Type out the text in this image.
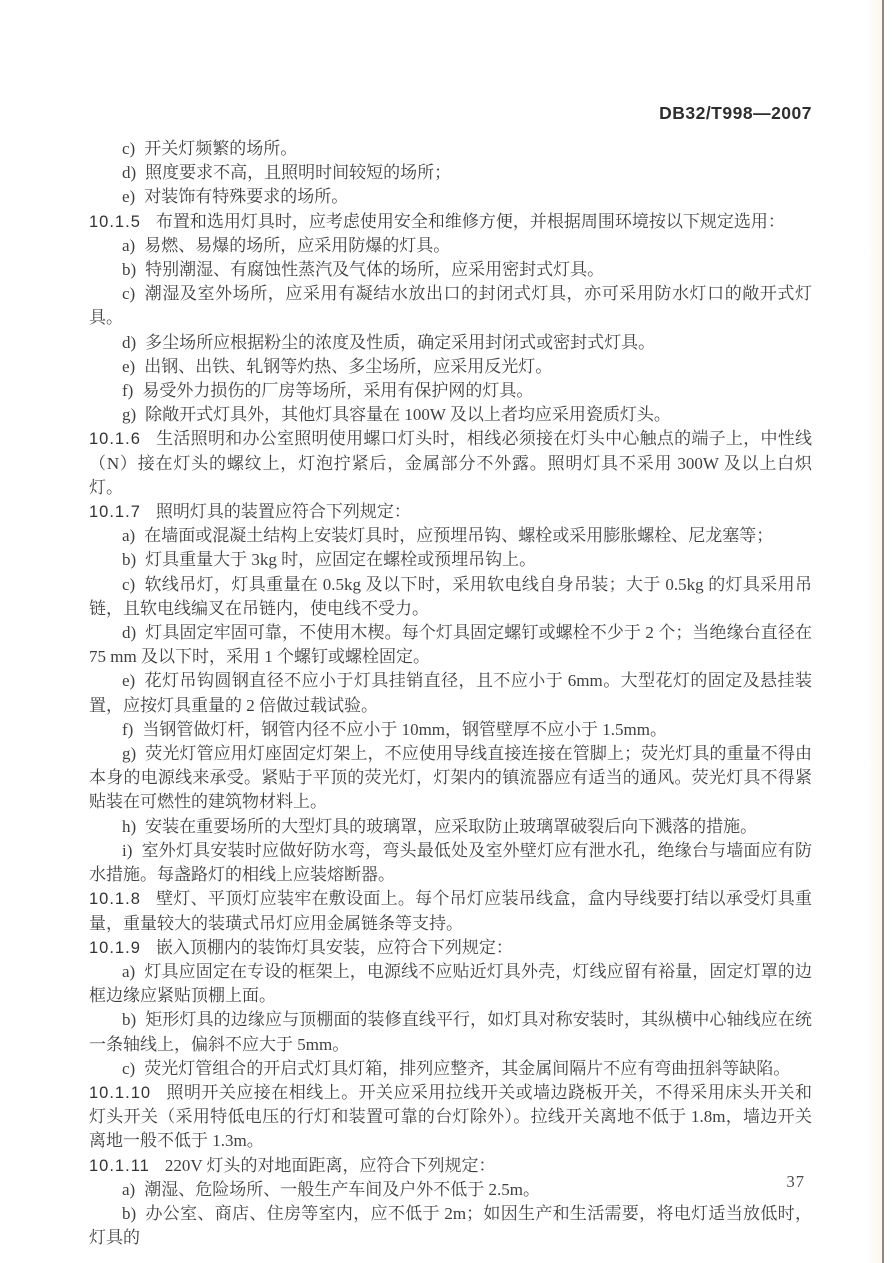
DB32/T998—2007

c) 开关灯频繁的场所。

d) 照度要求不高，且照明时间较短的场所；

e) 对装饰有特殊要求的场所。

10.1.5 布置和选用灯具时，应考虑使用安全和维修方便，并根据周围环境按以下规定选用：

a) 易燃、易爆的场所，应采用防爆的灯具。

b) 特别潮湿、有腐蚀性蒸汽及气体的场所，应采用密封式灯具。

c) 潮湿及室外场所，应采用有凝结水放出口的封闭式灯具，亦可采用防水灯口的敞开式灯具。

d) 多尘场所应根据粉尘的浓度及性质，确定采用封闭式或密封式灯具。

e) 出钢、出铁、轧钢等灼热、多尘场所，应采用反光灯。

f) 易受外力损伤的厂房等场所，采用有保护网的灯具。

g) 除敞开式灯具外，其他灯具容量在 100W 及以上者均应采用瓷质灯头。

10.1.6 生活照明和办公室照明使用螺口灯头时，相线必须接在灯头中心触点的端子上，中性线（N）接在灯头的螺纹上，灯泡拧紧后，金属部分不外露。照明灯具不采用 300W 及以上白炽灯。

10.1.7 照明灯具的装置应符合下列规定：

a) 在墙面或混凝土结构上安装灯具时，应预埋吊钩、螺栓或采用膨胀螺栓、尼龙塞等；

b) 灯具重量大于 3kg 时，应固定在螺栓或预埋吊钩上。

c) 软线吊灯，灯具重量在 0.5kg 及以下时，采用软电线自身吊装；大于 0.5kg 的灯具采用吊链，且软电线编叉在吊链内，使电线不受力。

d) 灯具固定牢固可靠，不使用木楔。每个灯具固定螺钉或螺栓不少于 2 个；当绝缘台直径在 75 mm 及以下时，采用 1 个螺钉或螺栓固定。

e) 花灯吊钩圆钢直径不应小于灯具挂销直径，且不应小于 6mm。大型花灯的固定及悬挂装置，应按灯具重量的 2 倍做过载试验。

f) 当钢管做灯杆，钢管内径不应小于 10mm，钢管壁厚不应小于 1.5mm。

g) 荧光灯管应用灯座固定灯架上，不应使用导线直接连接在管脚上；荧光灯具的重量不得由本身的电源线来承受。紧贴于平顶的荧光灯，灯架内的镇流器应有适当的通风。荧光灯具不得紧贴装在可燃性的建筑物材料上。

h) 安装在重要场所的大型灯具的玻璃罩，应采取防止玻璃罩破裂后向下溅落的措施。

i) 室外灯具安装时应做好防水弯，弯头最低处及室外壁灯应有泄水孔，绝缘台与墙面应有防水措施。每盏路灯的相线上应装熔断器。

10.1.8 壁灯、平顶灯应装牢在敷设面上。每个吊灯应装吊线盒，盒内导线要打结以承受灯具重量，重量较大的装璜式吊灯应用金属链条等支持。

10.1.9 嵌入顶棚内的装饰灯具安装，应符合下列规定：

a) 灯具应固定在专设的框架上，电源线不应贴近灯具外壳，灯线应留有裕量，固定灯罩的边框边缘应紧贴顶棚上面。

b) 矩形灯具的边缘应与顶棚面的装修直线平行，如灯具对称安装时，其纵横中心轴线应在统一条轴线上，偏斜不应大于 5mm。

c) 荧光灯管组合的开启式灯具灯箱，排列应整齐，其金属间隔片不应有弯曲扭斜等缺陷。

10.1.10 照明开关应接在相线上。开关应采用拉线开关或墙边跷板开关，不得采用床头开关和灯头开关（采用特低电压的行灯和装置可靠的台灯除外）。拉线开关离地不低于 1.8m，墙边开关离地一般不低于 1.3m。

10.1.11 220V 灯头的对地面距离，应符合下列规定：

a) 潮湿、危险场所、一般生产车间及户外不低于 2.5m。

b) 办公室、商店、住房等室内，应不低于 2m；如因生产和生活需要，将电灯适当放低时，灯具的

37
